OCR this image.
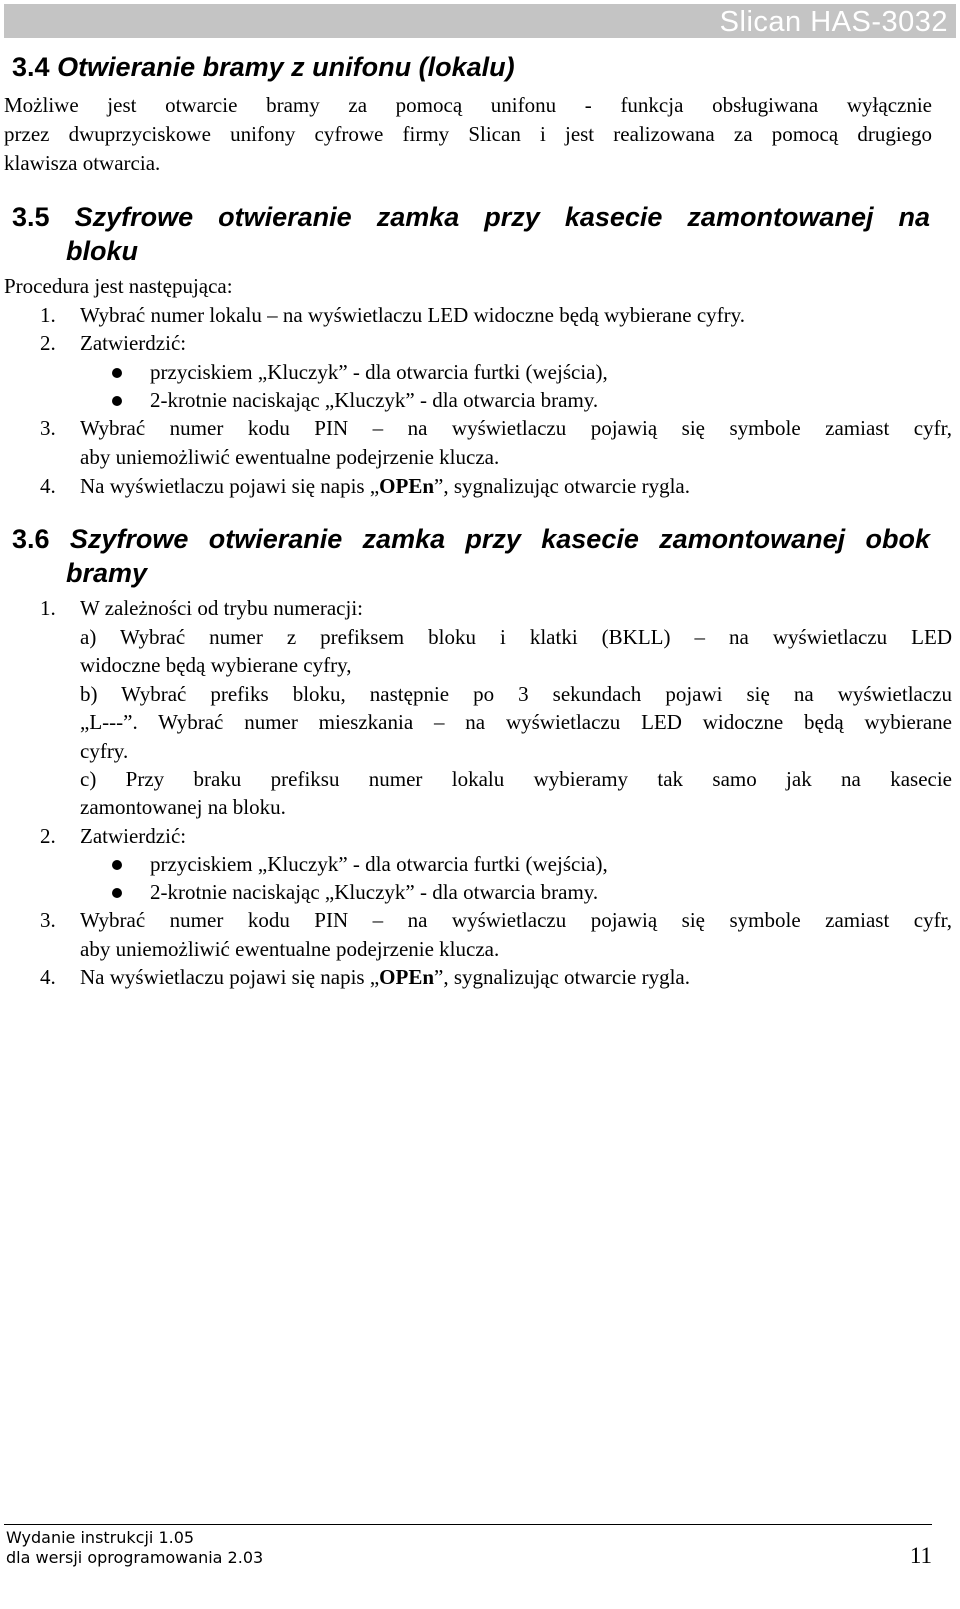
Slican HAS-3032
3.4 Otwieranie bramy z unifonu (lokalu)
Możliwe jest otwarcie bramy za pomocą unifonu - funkcja obsługiwana wyłącznie
przez dwuprzyciskowe unifony cyfrowe firmy Slican i jest realizowana za pomocą drugiego
klawisza otwarcia.
3.5 Szyfrowe otwieranie zamka przy kasecie zamontowanej na
bloku
Procedura jest następująca:
1. Wybrać numer lokalu – na wyświetlaczu LED widoczne będą wybierane cyfry.
2. Zatwierdzić:
przyciskiem „Kluczyk” - dla otwarcia furtki (wejścia),
2-krotnie naciskając „Kluczyk” - dla otwarcia bramy.
3. Wybrać numer kodu PIN – na wyświetlaczu pojawią się symbole zamiast cyfr,
aby uniemożliwić ewentualne podejrzenie klucza.
4. Na wyświetlaczu pojawi się napis „OPEn”, sygnalizując otwarcie rygla.
3.6 Szyfrowe otwieranie zamka przy kasecie zamontowanej obok
bramy
1. W zależności od trybu numeracji:
a) Wybrać numer z prefiksem bloku i klatki (BKLL) – na wyświetlaczu LED
widoczne będą wybierane cyfry,
b) Wybrać prefiks bloku, następnie po 3 sekundach pojawi się na wyświetlaczu
„L---”. Wybrać numer mieszkania – na wyświetlaczu LED widoczne będą wybierane
cyfry.
c) Przy braku prefiksu numer lokalu wybieramy tak samo jak na kasecie
zamontowanej na bloku.
2. Zatwierdzić:
przyciskiem „Kluczyk” - dla otwarcia furtki (wejścia),
2-krotnie naciskając „Kluczyk” - dla otwarcia bramy.
3. Wybrać numer kodu PIN – na wyświetlaczu pojawią się symbole zamiast cyfr,
aby uniemożliwić ewentualne podejrzenie klucza.
4. Na wyświetlaczu pojawi się napis „OPEn”, sygnalizując otwarcie rygla.
Wydanie instrukcji 1.05
dla wersji oprogramowania 2.03	11
